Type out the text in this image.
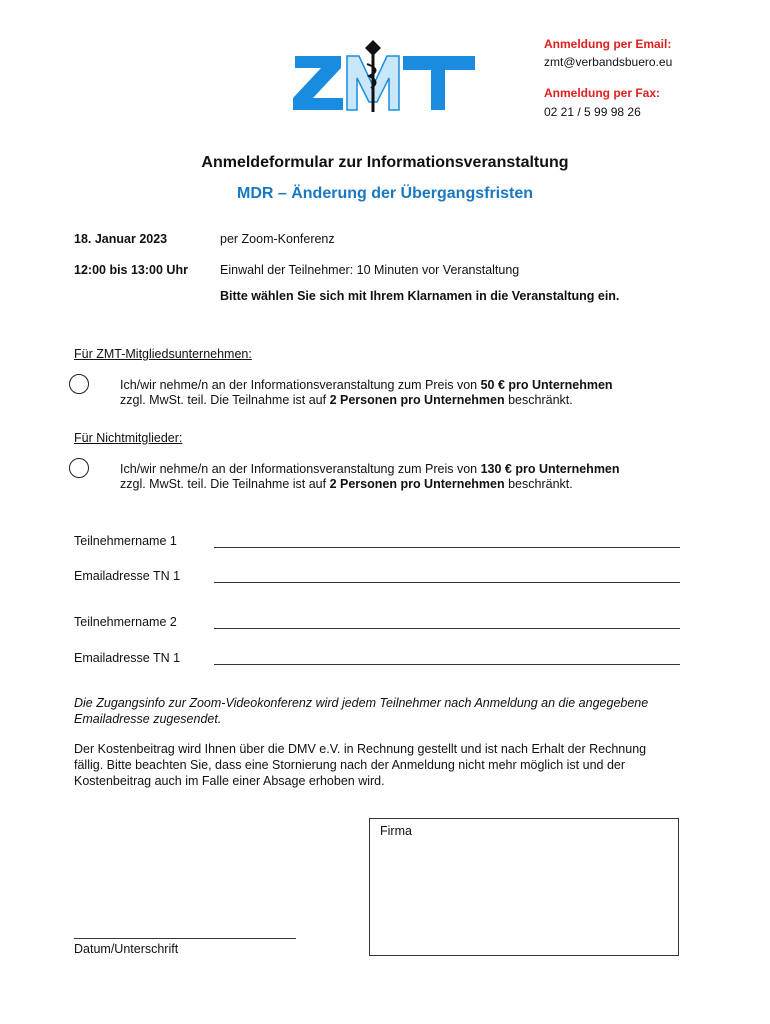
Anmeldung per Email:
zmt@verbandsbuero.eu
Anmeldung per Fax:
02 21 / 5 99 98 26
Anmeldeformular zur Informationsveranstaltung
MDR – Änderung der Übergangsfristen
18. Januar 2023	per Zoom-Konferenz
12:00 bis 13:00 Uhr	Einwahl der Teilnehmer: 10 Minuten vor Veranstaltung
Bitte wählen Sie sich mit Ihrem Klarnamen in die Veranstaltung ein.
Für ZMT-Mitgliedsunternehmen:
Ich/wir nehme/n an der Informationsveranstaltung zum Preis von 50 € pro Unternehmen
zzgl. MwSt. teil. Die Teilnahme ist auf 2 Personen pro Unternehmen beschränkt.
Für Nichtmitglieder:
Ich/wir nehme/n an der Informationsveranstaltung zum Preis von 130 € pro Unternehmen
zzgl. MwSt. teil. Die Teilnahme ist auf 2 Personen pro Unternehmen beschränkt.
Teilnehmername 1
Emailadresse TN 1
Teilnehmername 2
Emailadresse TN 1
Die Zugangsinfo zur Zoom-Videokonferenz wird jedem Teilnehmer nach Anmeldung an die angegebene Emailadresse zugesendet.
Der Kostenbeitrag wird Ihnen über die DMV e.V. in Rechnung gestellt und ist nach Erhalt der Rechnung fällig. Bitte beachten Sie, dass eine Stornierung nach der Anmeldung nicht mehr möglich ist und der Kostenbeitrag auch im Falle einer Absage erhoben wird.
Firma
Datum/Unterschrift
